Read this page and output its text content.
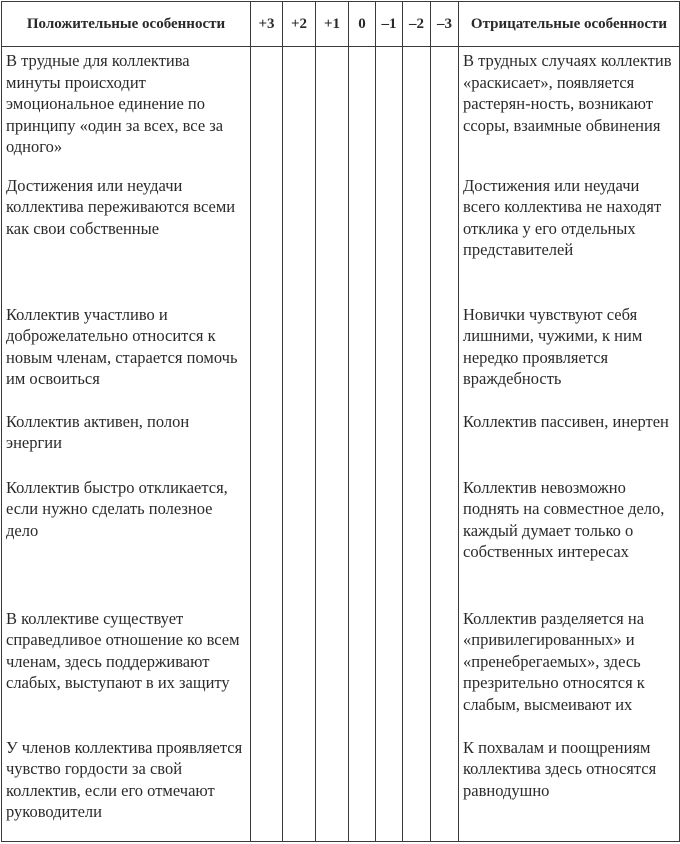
Положительные особенности	+3	+2	+1	0	–1	–2	–3	Отрицательные особенности
В трудные для коллектива минуты происходит эмоциональное единение по принципу «один за всех, все за одного»								В трудных случаях коллектив «раскисает», появляется растерян-ность, возникают ссоры, взаимные обвинения
Достижения или неудачи коллектива переживаются всеми как свои собственные								Достижения или неудачи всего коллектива не находят отклика у его отдельных представителей
Коллектив участливо и доброжелательно относится к новым членам, старается помочь им освоиться								Новички чувствуют себя лишними, чужими, к ним нередко проявляется враждебность
Коллектив активен, полон энергии								Коллектив пассивен, инертен
Коллектив быстро откликается, если нужно сделать полезное дело								Коллектив невозможно поднять на совместное дело, каждый думает только о собственных интересах
В коллективе существует справедливое отношение ко всем членам, здесь поддерживают слабых, выступают в их защиту								Коллектив разделяется на «привилегированных» и «пренебрегаемых», здесь презрительно относятся к слабым, высмеивают их
У членов коллектива проявляется чувство гордости за свой коллектив, если его отмечают руководители								К похвалам и поощрениям коллектива здесь относятся равнодушно
